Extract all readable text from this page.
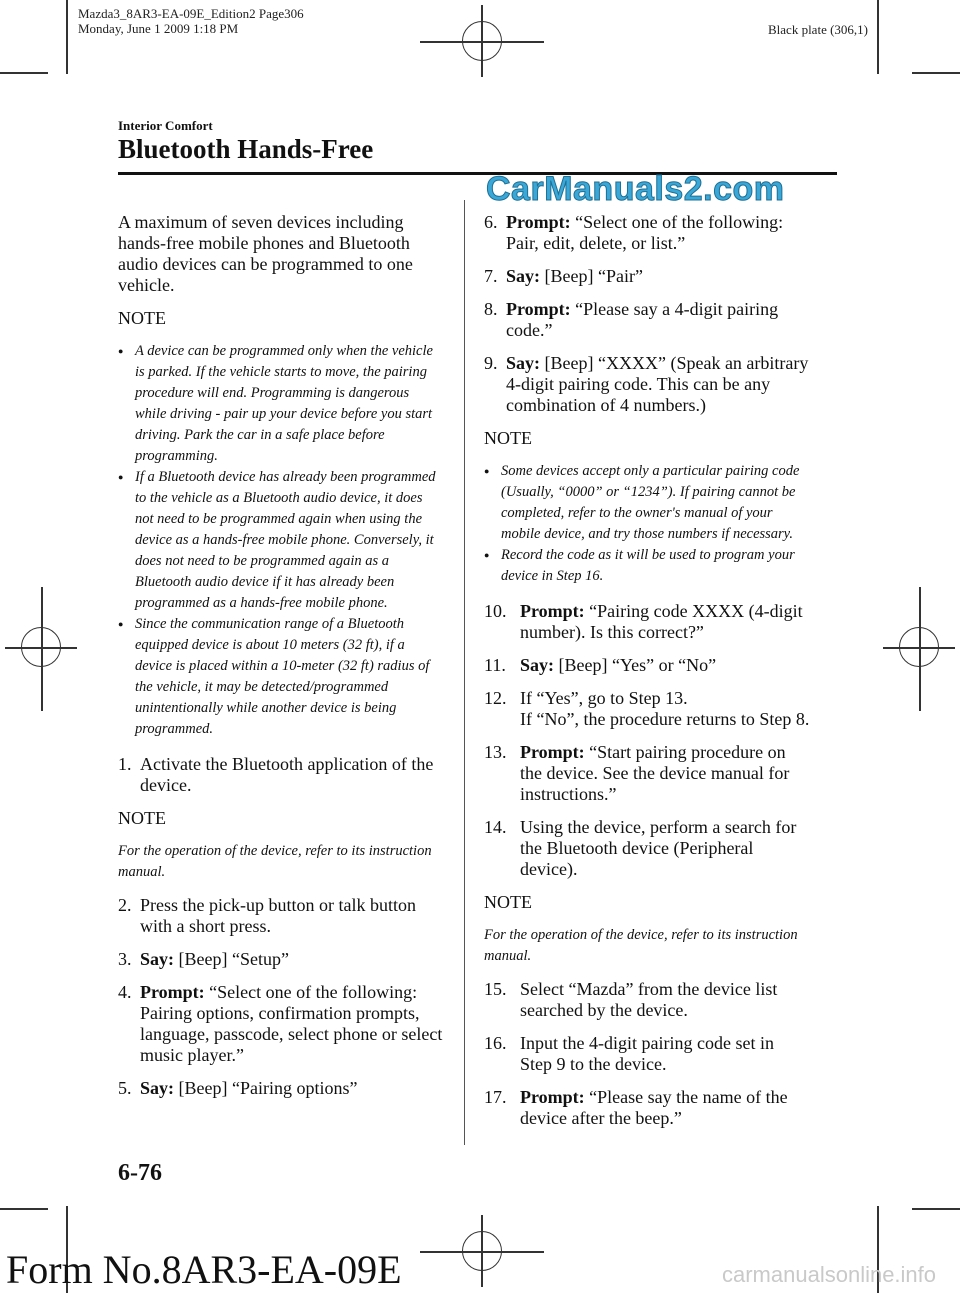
Mazda3_8AR3-EA-09E_Edition2 Page306
Monday, June 1 2009 1:18 PM	Black plate (306,1)
Interior Comfort
Bluetooth Hands-Free
CarManuals2.com

A maximum of seven devices including hands-free mobile phones and Bluetooth audio devices can be programmed to one vehicle.

NOTE

● A device can be programmed only when the vehicle is parked. If the vehicle starts to move, the pairing procedure will end. Programming is dangerous while driving - pair up your device before you start driving. Park the car in a safe place before programming.
● If a Bluetooth device has already been programmed to the vehicle as a Bluetooth audio device, it does not need to be programmed again when using the device as a hands-free mobile phone. Conversely, it does not need to be programmed again as a Bluetooth audio device if it has already been programmed as a hands-free mobile phone.
● Since the communication range of a Bluetooth equipped device is about 10 meters (32 ft), if a device is placed within a 10-meter (32 ft) radius of the vehicle, it may be detected/programmed unintentionally while another device is being programmed.
1. Activate the Bluetooth application of the device.

NOTE

For the operation of the device, refer to its instruction manual.

2. Press the pick-up button or talk button with a short press.
3. Say: [Beep] “Setup”
4. Prompt: “Select one of the following: Pairing options, confirmation prompts, language, passcode, select phone or select music player.”
5. Say: [Beep] “Pairing options”
6. Prompt: “Select one of the following: Pair, edit, delete, or list.”
7. Say: [Beep] “Pair”
8. Prompt: “Please say a 4-digit pairing code.”
9. Say: [Beep] “XXXX” (Speak an arbitrary 4-digit pairing code. This can be any combination of 4 numbers.)

NOTE

● Some devices accept only a particular pairing code (Usually, “0000” or “1234”). If pairing cannot be completed, refer to the owner's manual of your mobile device, and try those numbers if necessary.
● Record the code as it will be used to program your device in Step 16.
10. Prompt: “Pairing code XXXX (4-digit number). Is this correct?”
11. Say: [Beep] “Yes” or “No”
12. If “Yes”, go to Step 13.
If “No”, the procedure returns to Step 8.
13. Prompt: “Start pairing procedure on the device. See the device manual for instructions.”
14. Using the device, perform a search for the Bluetooth device (Peripheral device).

NOTE

For the operation of the device, refer to its instruction manual.

15. Select “Mazda” from the device list searched by the device.
16. Input the 4-digit pairing code set in Step 9 to the device.
17. Prompt: “Please say the name of the device after the beep.”
6-76
Form No.8AR3-EA-09E	carmanualsonline.info
